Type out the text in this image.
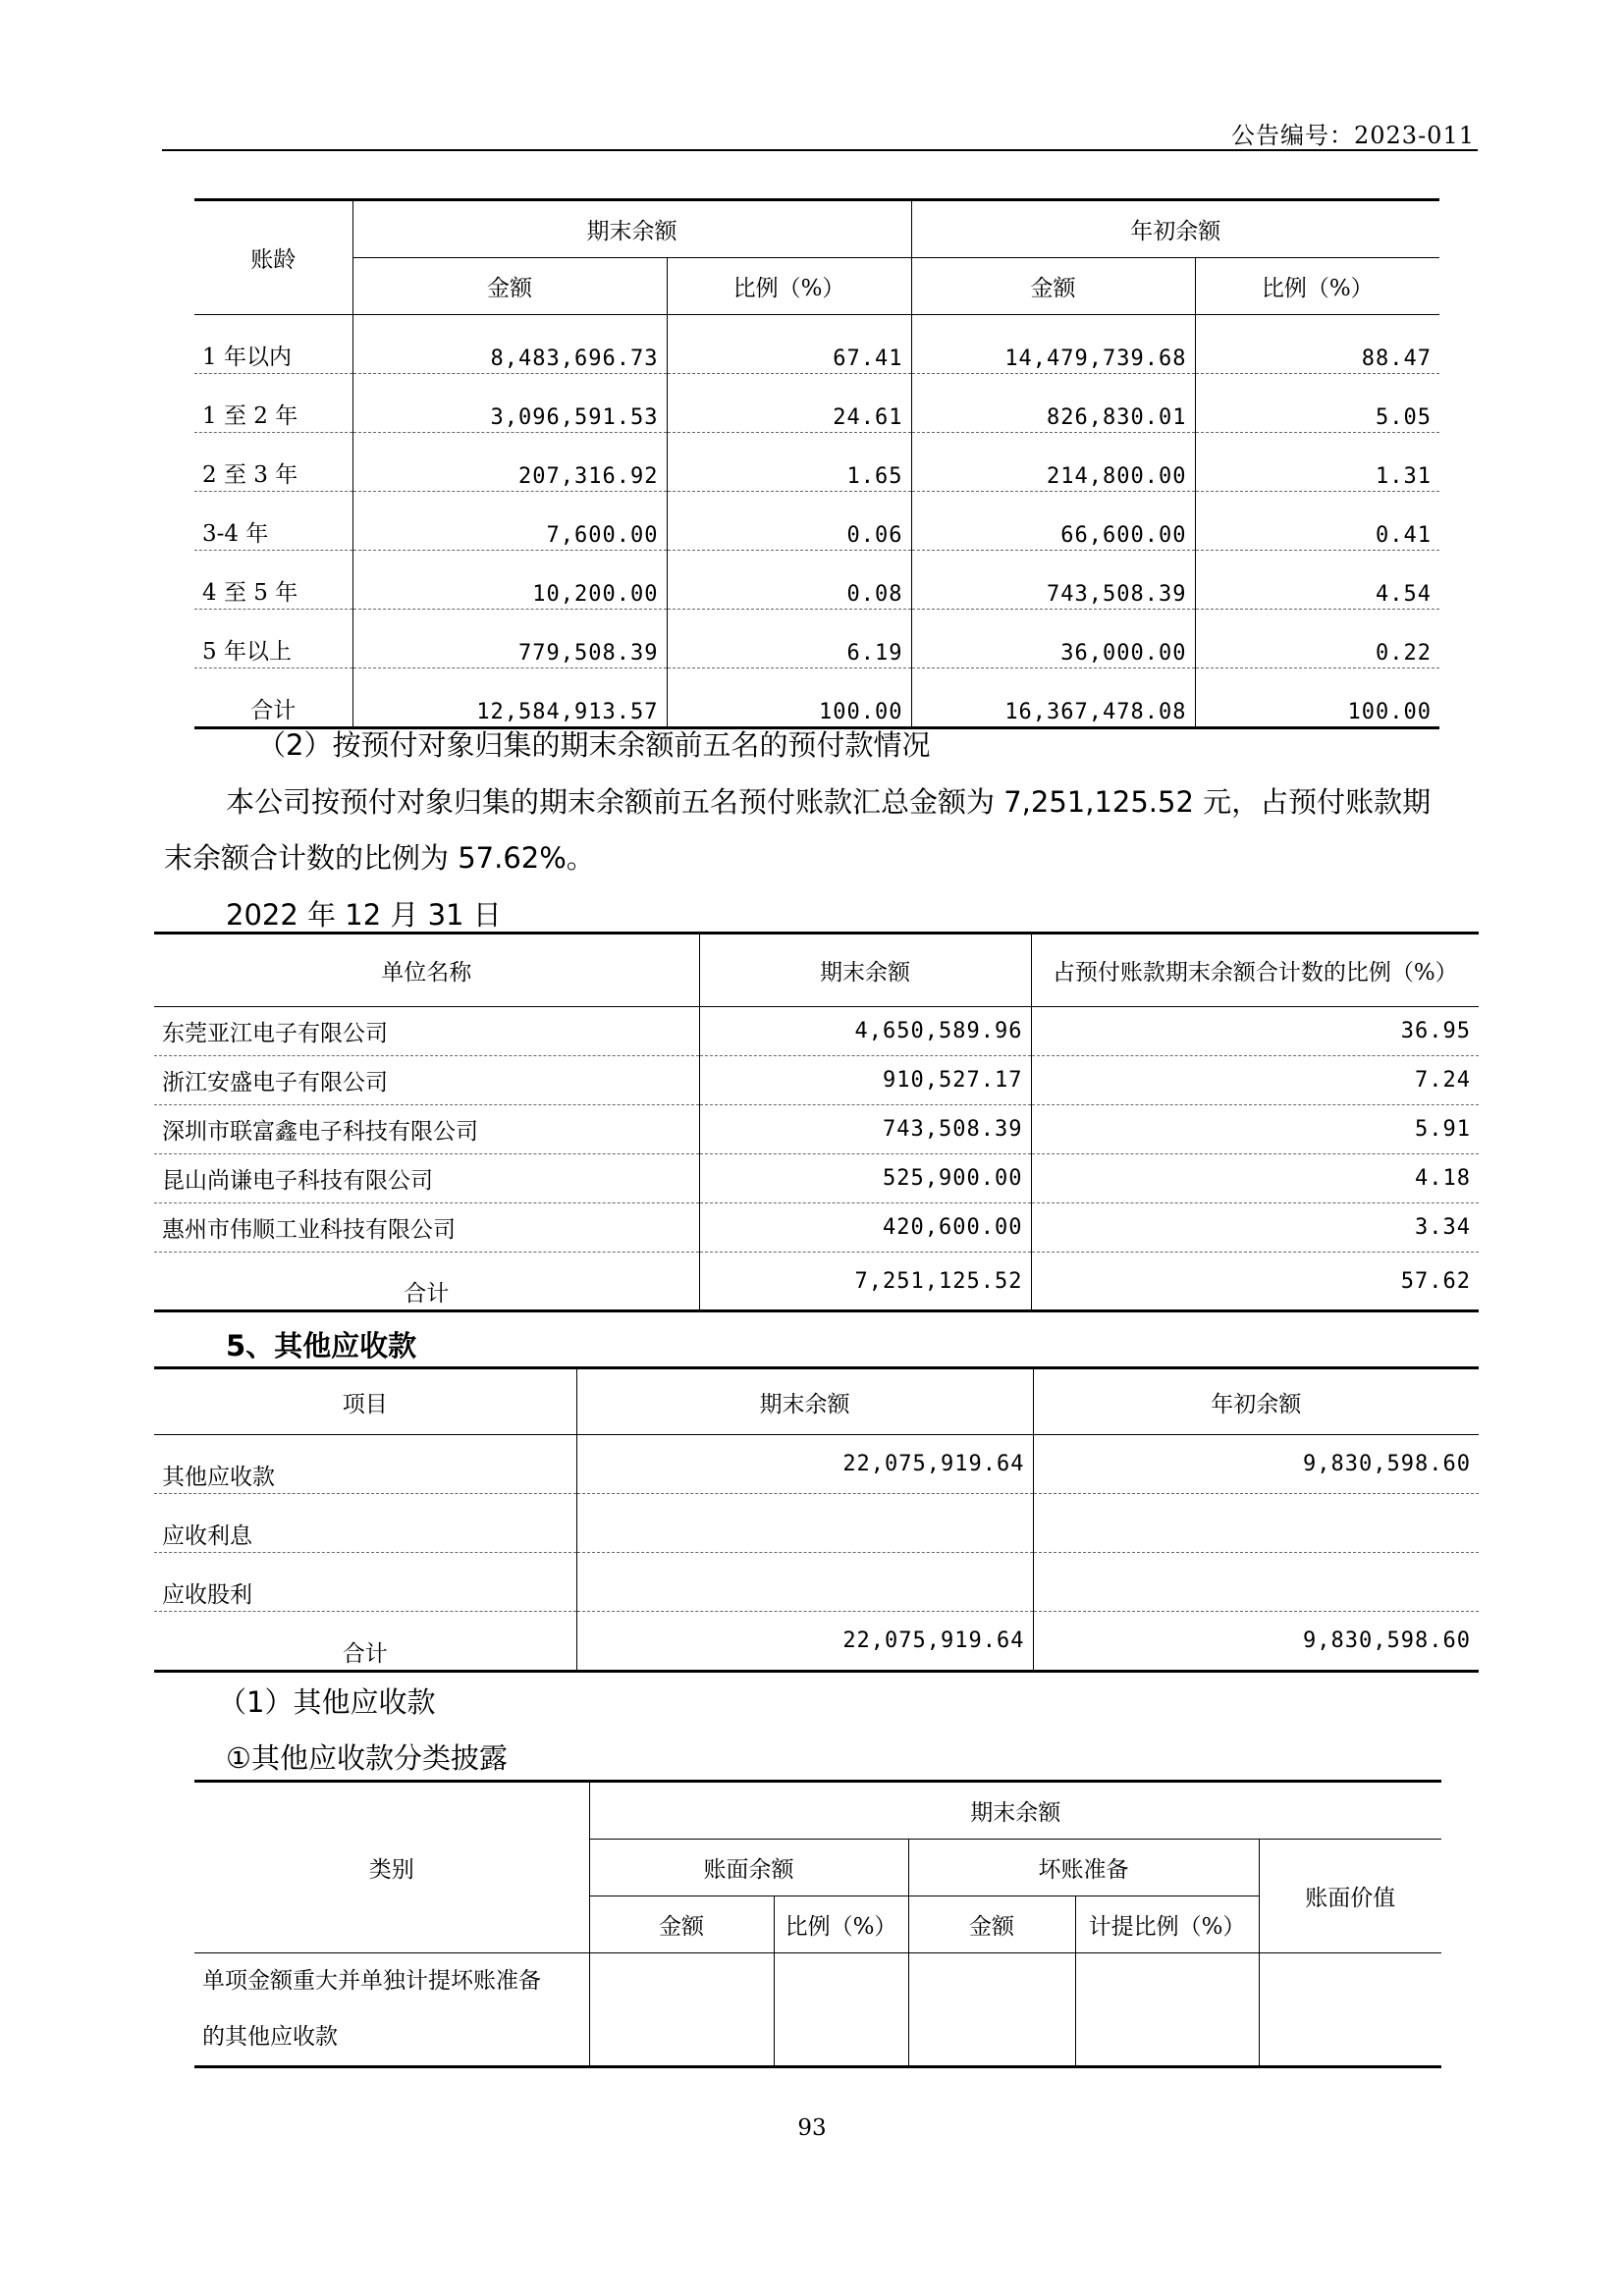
公告编号：2023-011
账龄	期末余额		年初余额	
	金额	比例（%）	金额	比例（%）
1 年以内	8,483,696.73	67.41	14,479,739.68	88.47
1 至 2 年	3,096,591.53	24.61	826,830.01	5.05
2 至 3 年	207,316.92	1.65	214,800.00	1.31
3-4 年	7,600.00	0.06	66,600.00	0.41
4 至 5 年	10,200.00	0.08	743,508.39	4.54
5 年以上	779,508.39	6.19	36,000.00	0.22
合计	12,584,913.57	100.00	16,367,478.08	100.00
（2）按预付对象归集的期末余额前五名的预付款情况
本公司按预付对象归集的期末余额前五名预付账款汇总金额为 7,251,125.52 元，占预付账款期
末余额合计数的比例为 57.62%。
2022 年 12 月 31 日
单位名称	期末余额	占预付账款期末余额合计数的比例（%）
东莞亚江电子有限公司	4,650,589.96	36.95
浙江安盛电子有限公司	910,527.17	7.24
深圳市联富鑫电子科技有限公司	743,508.39	5.91
昆山尚谦电子科技有限公司	525,900.00	4.18
惠州市伟顺工业科技有限公司	420,600.00	3.34
合计	7,251,125.52	57.62
5、其他应收款
项目	期末余额	年初余额
其他应收款	22,075,919.64	9,830,598.60
应收利息		
应收股利		
合计	22,075,919.64	9,830,598.60
（1）其他应收款
①其他应收款分类披露
类别	期末余额				
	账面余额		坏账准备		账面价值
	金额	比例（%）	金额	计提比例（%）	
单项金额重大并单独计提坏账准备
的其他应收款					
93
